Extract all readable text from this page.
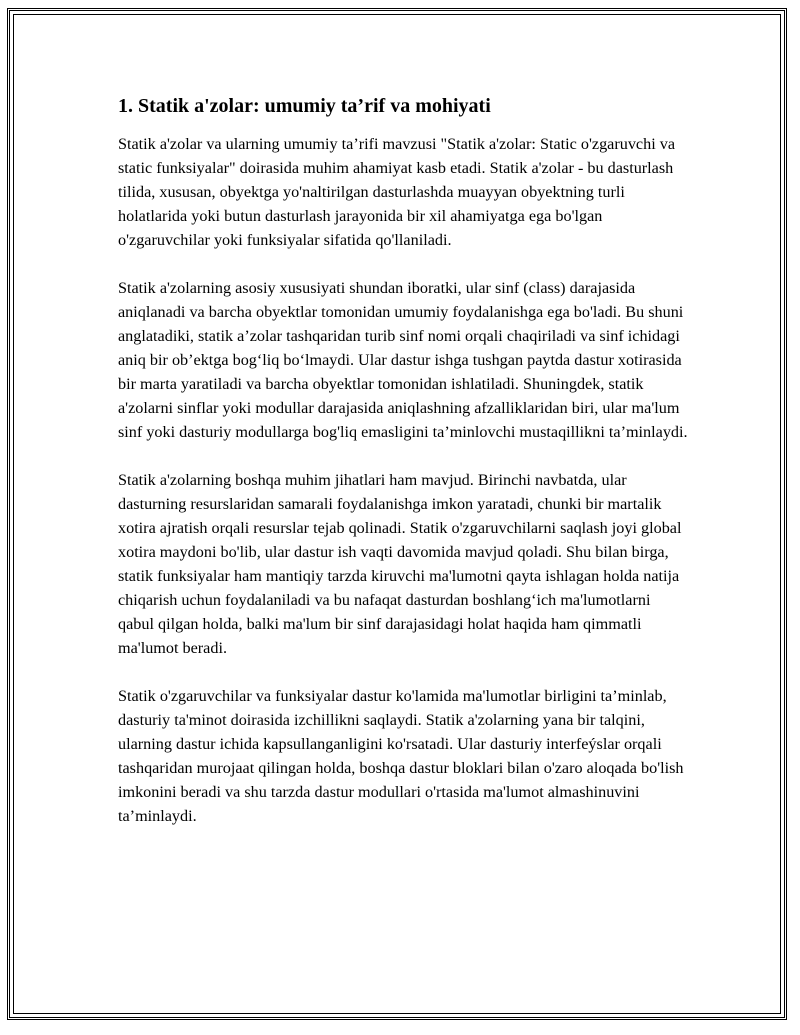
1. Statik a'zolar: umumiy ta’rif va mohiyati

Statik a'zolar va ularning umumiy ta’rifi mavzusi "Statik a'zolar: Static o'zgaruvchi va static funksiyalar" doirasida muhim ahamiyat kasb etadi. Statik a'zolar - bu dasturlash tilida, xususan, obyektga yo'naltirilgan dasturlashda muayyan obyektning turli holatlarida yoki butun dasturlash jarayonida bir xil ahamiyatga ega bo'lgan o'zgaruvchilar yoki funksiyalar sifatida qo'llaniladi.

Statik a'zolarning asosiy xususiyati shundan iboratki, ular sinf (class) darajasida aniqlanadi va barcha obyektlar tomonidan umumiy foydalanishga ega bo'ladi. Bu shuni anglatadiki, statik a’zolar tashqaridan turib sinf nomi orqali chaqiriladi va sinf ichidagi aniq bir ob’ektga bog‘liq bo‘lmaydi. Ular dastur ishga tushgan paytda dastur xotirasida bir marta yaratiladi va barcha obyektlar tomonidan ishlatiladi. Shuningdek, statik a'zolarni sinflar yoki modullar darajasida aniqlashning afzalliklaridan biri, ular ma'lum sinf yoki dasturiy modullarga bog'liq emasligini ta’minlovchi mustaqillikni ta’minlaydi.

Statik a'zolarning boshqa muhim jihatlari ham mavjud. Birinchi navbatda, ular dasturning resurslaridan samarali foydalanishga imkon yaratadi, chunki bir martalik xotira ajratish orqali resurslar tejab qolinadi. Statik o'zgaruvchilarni saqlash joyi global xotira maydoni bo'lib, ular dastur ish vaqti davomida mavjud qoladi. Shu bilan birga, statik funksiyalar ham mantiqiy tarzda kiruvchi ma'lumotni qayta ishlagan holda natija chiqarish uchun foydalaniladi va bu nafaqat dasturdan boshlang‘ich ma'lumotlarni qabul qilgan holda, balki ma'lum bir sinf darajasidagi holat haqida ham qimmatli ma'lumot beradi.

Statik o'zgaruvchilar va funksiyalar dastur ko'lamida ma'lumotlar birligini ta’minlab, dasturiy ta'minot doirasida izchillikni saqlaydi. Statik a'zolarning yana bir talqini, ularning dastur ichida kapsullanganligini ko'rsatadi. Ular dasturiy interfeýslar orqali tashqaridan murojaat qilingan holda, boshqa dastur bloklari bilan o'zaro aloqada bo'lish imkonini beradi va shu tarzda dastur modullari o'rtasida ma'lumot almashinuvini ta’minlaydi.
